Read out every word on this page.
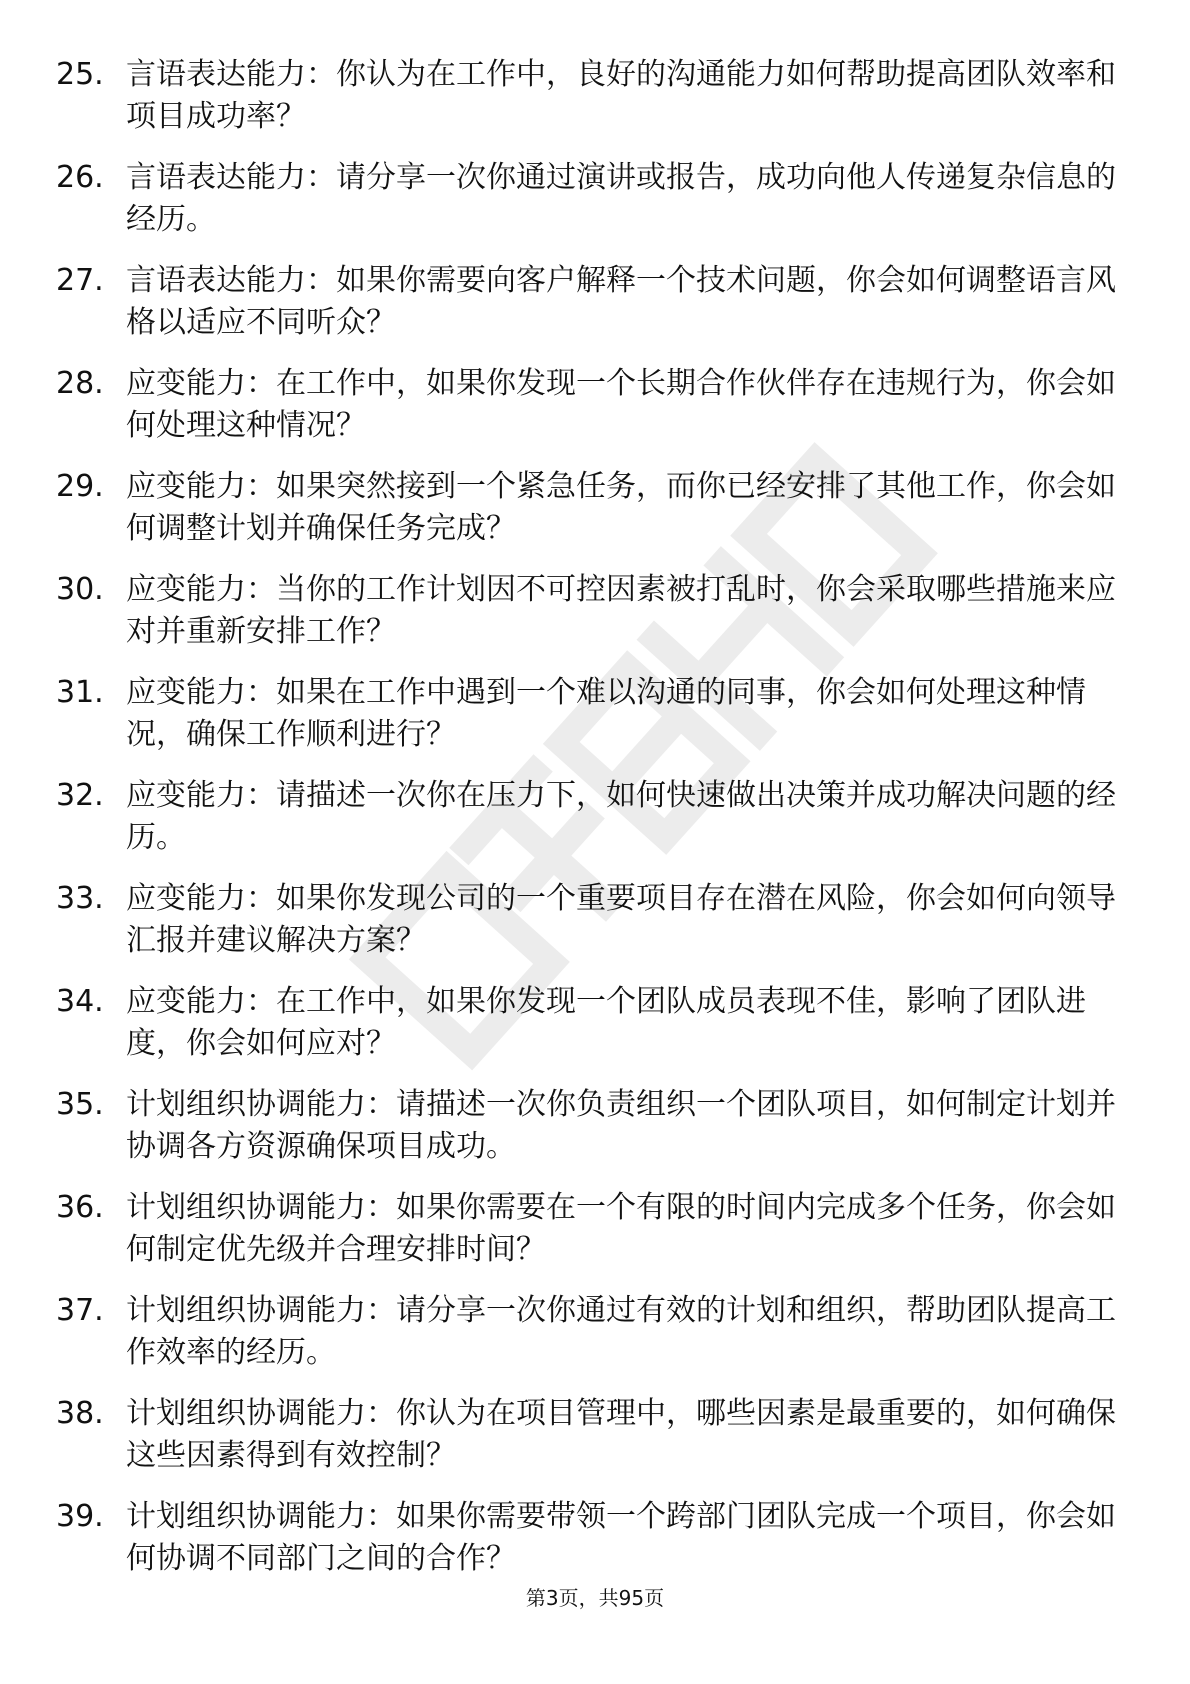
25. 言语表达能力：你认为在工作中，良好的沟通能力如何帮助提高团队效率和项目成功率？
26. 言语表达能力：请分享一次你通过演讲或报告，成功向他人传递复杂信息的经历。
27. 言语表达能力：如果你需要向客户解释一个技术问题，你会如何调整语言风格以适应不同听众？
28. 应变能力：在工作中，如果你发现一个长期合作伙伴存在违规行为，你会如何处理这种情况？
29. 应变能力：如果突然接到一个紧急任务，而你已经安排了其他工作，你会如何调整计划并确保任务完成？
30. 应变能力：当你的工作计划因不可控因素被打乱时，你会采取哪些措施来应对并重新安排工作？
31. 应变能力：如果在工作中遇到一个难以沟通的同事，你会如何处理这种情况，确保工作顺利进行？
32. 应变能力：请描述一次你在压力下，如何快速做出决策并成功解决问题的经历。
33. 应变能力：如果你发现公司的一个重要项目存在潜在风险，你会如何向领导汇报并建议解决方案？
34. 应变能力：在工作中，如果你发现一个团队成员表现不佳，影响了团队进度，你会如何应对？
35. 计划组织协调能力：请描述一次你负责组织一个团队项目，如何制定计划并协调各方资源确保项目成功。
36. 计划组织协调能力：如果你需要在一个有限的时间内完成多个任务，你会如何制定优先级并合理安排时间？
37. 计划组织协调能力：请分享一次你通过有效的计划和组织，帮助团队提高工作效率的经历。
38. 计划组织协调能力：你认为在项目管理中，哪些因素是最重要的，如何确保这些因素得到有效控制？
39. 计划组织协调能力：如果你需要带领一个跨部门团队完成一个项目，你会如何协调不同部门之间的合作？
第3页，共95页
